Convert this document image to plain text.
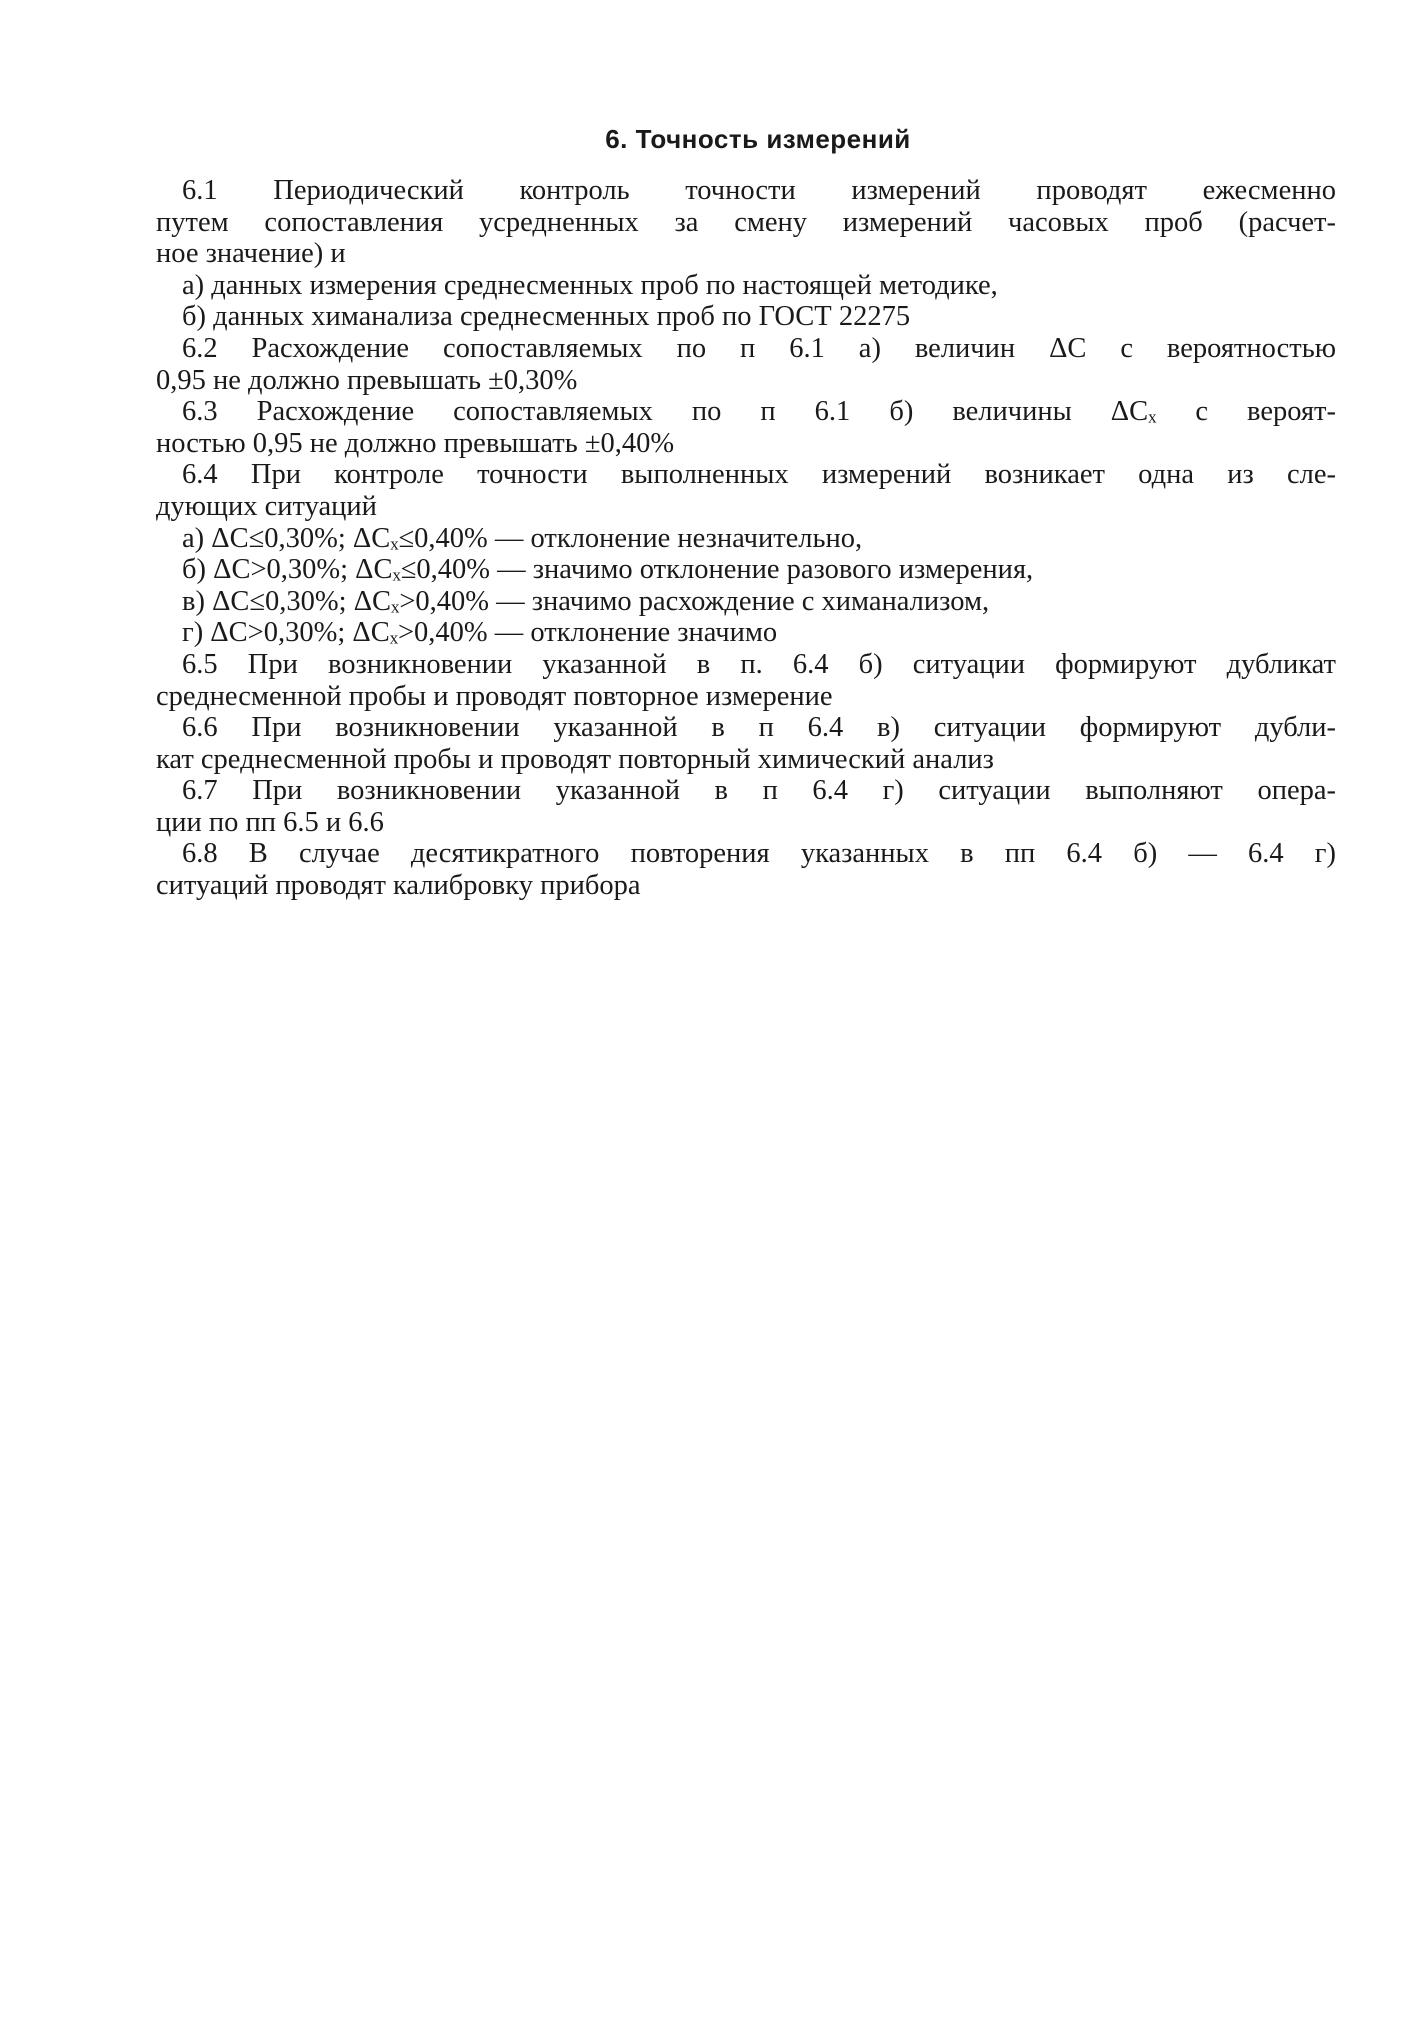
6. Точность измерений
6.1 Периодический контроль точности измерений проводят ежесменно
путем сопоставления усредненных за смену измерений часовых проб (расчет-
ное значение) и
а) данных измерения среднесменных проб по настоящей методике,
б) данных химанализа среднесменных проб по ГОСТ 22275
6.2 Расхождение сопоставляемых по п 6.1 а) величин ΔС с вероятностью
0,95 не должно превышать ±0,30%
6.3 Расхождение сопоставляемых по п 6.1 б) величины ΔСₓ с вероят-
ностью 0,95 не должно превышать ±0,40%
6.4 При контроле точности выполненных измерений возникает одна из сле-
дующих ситуаций
а) ΔС≤0,30%; ΔСₓ≤0,40% — отклонение незначительно,
б) ΔС>0,30%; ΔСₓ≤0,40% — значимо отклонение разового измерения,
в) ΔС≤0,30%; ΔСₓ>0,40% — значимо расхождение с химанализом,
г) ΔС>0,30%; ΔСₓ>0,40% — отклонение значимо
6.5 При возникновении указанной в п. 6.4 б) ситуации формируют дубликат
среднесменной пробы и проводят повторное измерение
6.6 При возникновении указанной в п 6.4 в) ситуации формируют дубли-
кат среднесменной пробы и проводят повторный химический анализ
6.7 При возникновении указанной в п 6.4 г) ситуации выполняют опера-
ции по пп 6.5 и 6.6
6.8 В случае десятикратного повторения указанных в пп 6.4 б) — 6.4 г)
ситуаций проводят калибровку прибора
